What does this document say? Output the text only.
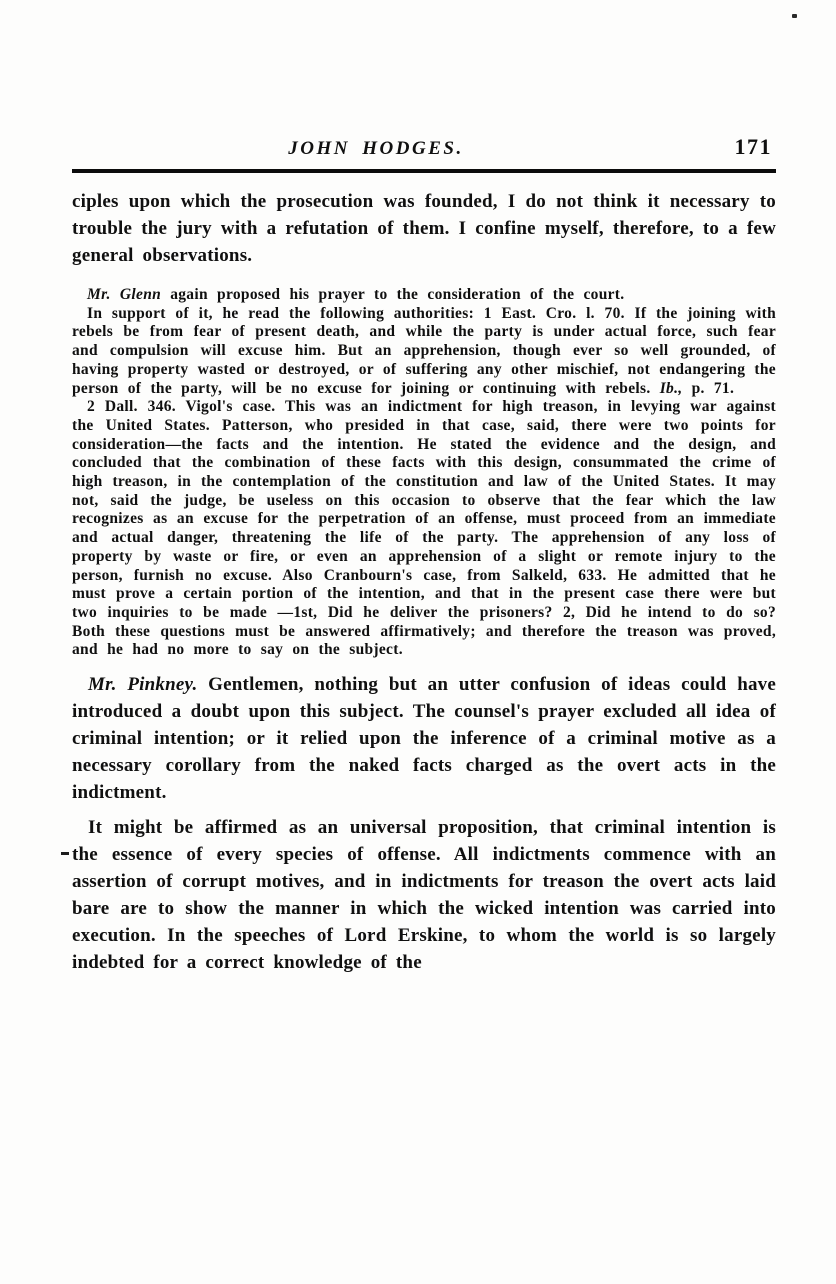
JOHN HODGES.	171

ciples upon which the prosecution was founded, I do not think it necessary to trouble the jury with a refutation of them. I confine myself, therefore, to a few general observations.

Mr. Glenn again proposed his prayer to the consideration of the court.

In support of it, he read the following authorities: 1 East. Cro. l. 70. If the joining with rebels be from fear of present death, and while the party is under actual force, such fear and compulsion will excuse him. But an apprehension, though ever so well grounded, of having property wasted or destroyed, or of suffering any other mischief, not endangering the person of the party, will be no excuse for joining or continuing with rebels. Ib., p. 71.

2 Dall. 346. Vigol's case. This was an indictment for high treason, in levying war against the United States. Patterson, who presided in that case, said, there were two points for consideration—the facts and the intention. He stated the evidence and the design, and concluded that the combination of these facts with this design, consummated the crime of high treason, in the contemplation of the constitution and law of the United States. It may not, said the judge, be useless on this occasion to observe that the fear which the law recognizes as an excuse for the perpetration of an offense, must proceed from an immediate and actual danger, threatening the life of the party. The apprehension of any loss of property by waste or fire, or even an apprehension of a slight or remote injury to the person, furnish no excuse. Also Cranbourn's case, from Salkeld, 633. He admitted that he must prove a certain portion of the intention, and that in the present case there were but two inquiries to be made —1st, Did he deliver the prisoners? 2, Did he intend to do so? Both these questions must be answered affirmatively; and therefore the treason was proved, and he had no more to say on the subject.

Mr. Pinkney. Gentlemen, nothing but an utter confusion of ideas could have introduced a doubt upon this subject. The counsel's prayer excluded all idea of criminal intention; or it relied upon the inference of a criminal motive as a necessary corollary from the naked facts charged as the overt acts in the indictment.

It might be affirmed as an universal proposition, that criminal intention is the essence of every species of offense. All indictments commence with an assertion of corrupt motives, and in indictments for treason the overt acts laid bare are to show the manner in which the wicked intention was carried into execution. In the speeches of Lord Erskine, to whom the world is so largely indebted for a correct knowledge of the
